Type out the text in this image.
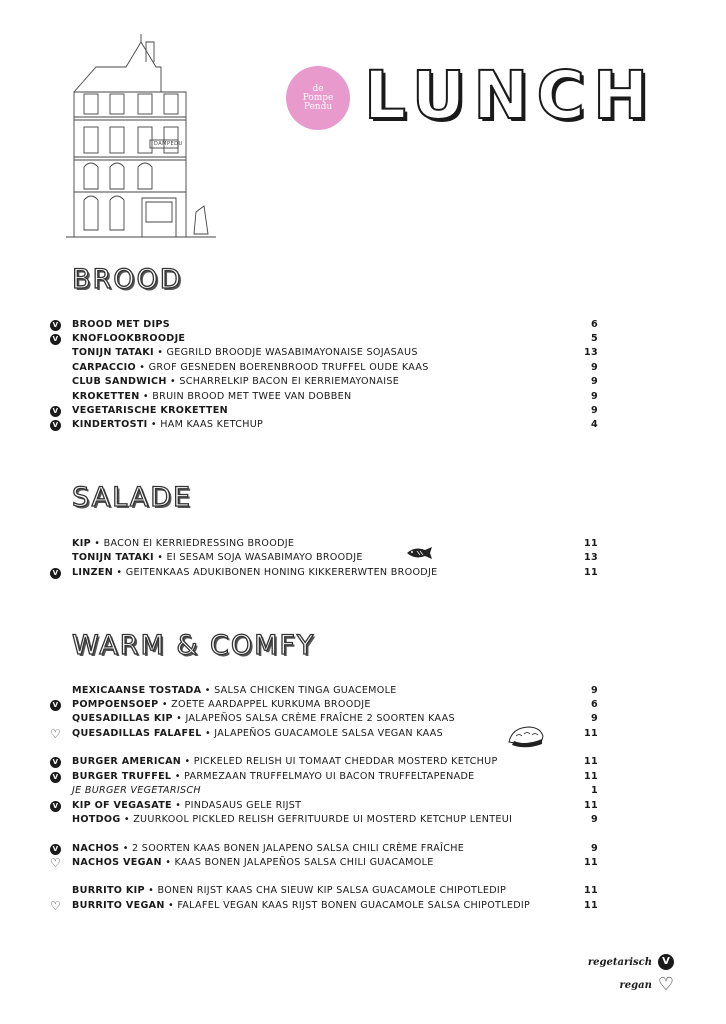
DAMPEDU
de
Pompe
Pendu LUNCH
BROOD
SALADE
WARM & COMFY
V BROOD MET DIPS	6
V KNOFLOOKBROODJE	5
TONIJN TATAKI • GEGRILD BROODJE WASABIMAYONAISE SOJASAUS	13
CARPACCIO • GROF GESNEDEN BOERENBROOD TRUFFEL OUDE KAAS	9
CLUB SANDWICH • SCHARRELKIP BACON EI KERRIEMAYONAISE	9
KROKETTEN • BRUIN BROOD MET TWEE VAN DOBBEN	9
V VEGETARISCHE KROKETTEN	9
V KINDERTOSTI • HAM KAAS KETCHUP	4
KIP • BACON EI KERRIEDRESSING BROODJE	11
TONIJN TATAKI • EI SESAM SOJA WASABIMAYO BROODJE	13
V LINZEN • GEITENKAAS ADUKIBONEN HONING KIKKERERWTEN BROODJE	11
MEXICAANSE TOSTADA • SALSA CHICKEN TINGA GUACEMOLE	9
V POMPOENSOEP • ZOETE AARDAPPEL KURKUMA BROODJE	6
QUESADILLAS KIP • JALAPEÑOS SALSA CRÈME FRAÎCHE 2 SOORTEN KAAS	9
♡ QUESADILLAS FALAFEL • JALAPEÑOS GUACAMOLE SALSA VEGAN KAAS	11
V BURGER AMERICAN • PICKELED RELISH UI TOMAAT CHEDDAR MOSTERD KETCHUP	11
V BURGER TRUFFEL • PARMEZAAN TRUFFELMAYO UI BACON TRUFFELTAPENADE	11
JE BURGER VEGETARISCH	1
V KIP OF VEGASATE • PINDASAUS GELE RIJST	11
HOTDOG • ZUURKOOL PICKLED RELISH GEFRITUURDE UI MOSTERD KETCHUP LENTEUI	9
V NACHOS • 2 SOORTEN KAAS BONEN JALAPENO SALSA CHILI CRÈME FRAÎCHE	9
♡ NACHOS VEGAN • KAAS BONEN JALAPEÑOS SALSA CHILI GUACAMOLE	11
BURRITO KIP • BONEN RIJST KAAS CHA SIEUW KIP SALSA GUACAMOLE CHIPOTLEDIP	11
♡ BURRITO VEGAN • FALAFEL VEGAN KAAS RIJST BONEN GUACAMOLE SALSA CHIPOTLEDIP	11
regetarisch	V
regan ♡
